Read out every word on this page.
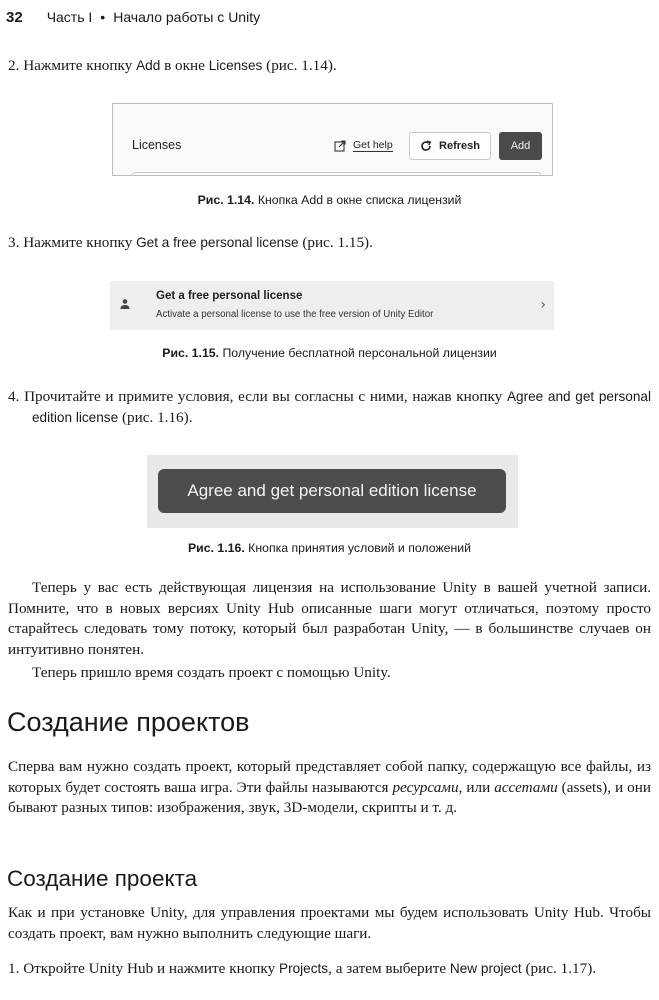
32 Часть I • Начало работы с Unity
2. Нажмите кнопку Add в окне Licenses (рис. 1.14).
Licenses	Get help	Refresh	Add
Рис. 1.14. Кнопка Add в окне списка лицензий
3. Нажмите кнопку Get a free personal license (рис. 1.15).
Get a free personal license
Activate a personal license to use the free version of Unity Editor
›
Рис. 1.15. Получение бесплатной персональной лицензии
4. Прочитайте и примите условия, если вы согласны с ними, нажав кнопку Agree and get personal edition license (рис. 1.16).
Agree and get personal edition license
Рис. 1.16. Кнопка принятия условий и положений
Теперь у вас есть действующая лицензия на использование Unity в вашей учетной записи. Помните, что в новых версиях Unity Hub описанные шаги могут отличаться, поэтому просто старайтесь следовать тому потоку, который был разработан Unity, — в большинстве случаев он интуитивно понятен.
Теперь пришло время создать проект с помощью Unity.
Создание проектов
Сперва вам нужно создать проект, который представляет собой папку, содержащую все файлы, из которых будет состоять ваша игра. Эти файлы называются ресурсами, или ассетами (assets), и они бывают разных типов: изображения, звук, 3D-модели, скрипты и т. д.
Создание проекта
Как и при установке Unity, для управления проектами мы будем использовать Unity Hub. Чтобы создать проект, вам нужно выполнить следующие шаги.
1. Откройте Unity Hub и нажмите кнопку Projects, а затем выберите New project (рис. 1.17).
